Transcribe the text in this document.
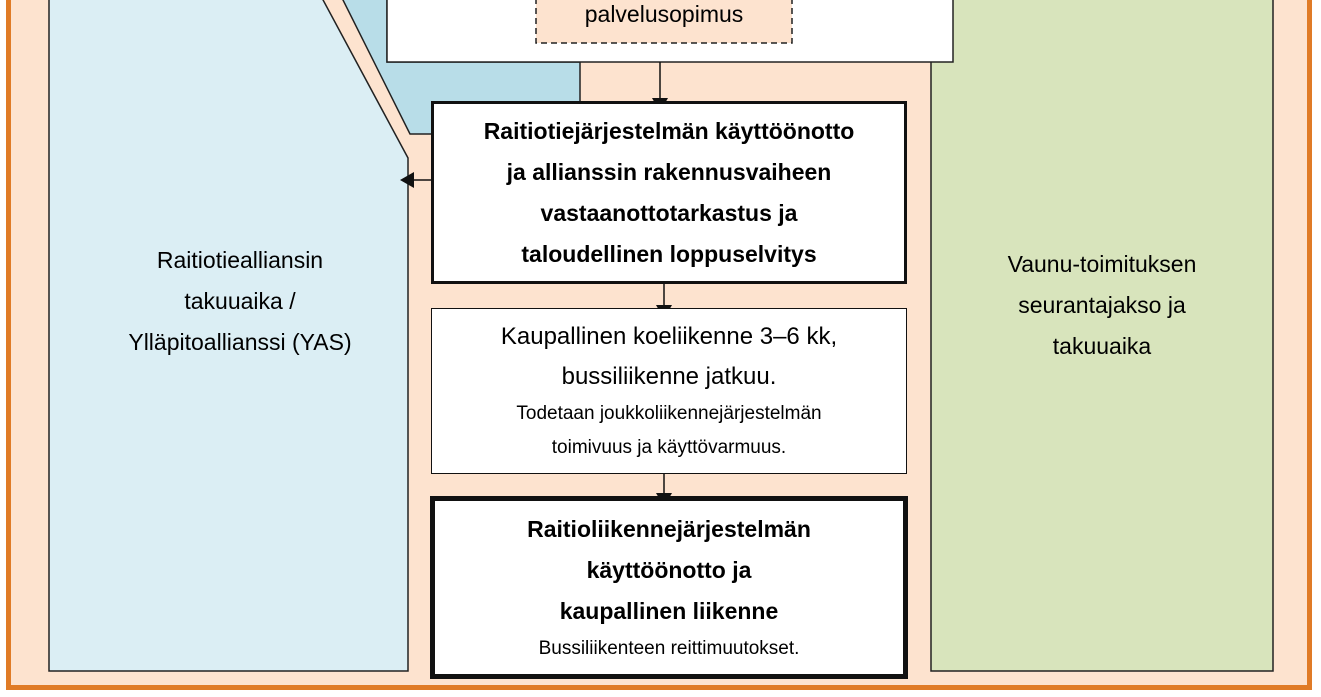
palvelusopimus
Raitiotiealliansin
takuuaika /
Ylläpitoallianssi (YAS)
Vaunu-toimituksen
seurantajakso ja
takuuaika
Raitiotiejärjestelmän käyttöönotto
ja allianssin rakennusvaiheen
vastaanottotarkastus ja
taloudellinen loppuselvitys
Kaupallinen koeliikenne 3–6 kk,
bussiliikenne jatkuu.
Todetaan joukkoliikennejärjestelmän
toimivuus ja käyttövarmuus.
Raitioliikennejärjestelmän
käyttöönotto ja
kaupallinen liikenne
Bussiliikenteen reittimuutokset.
